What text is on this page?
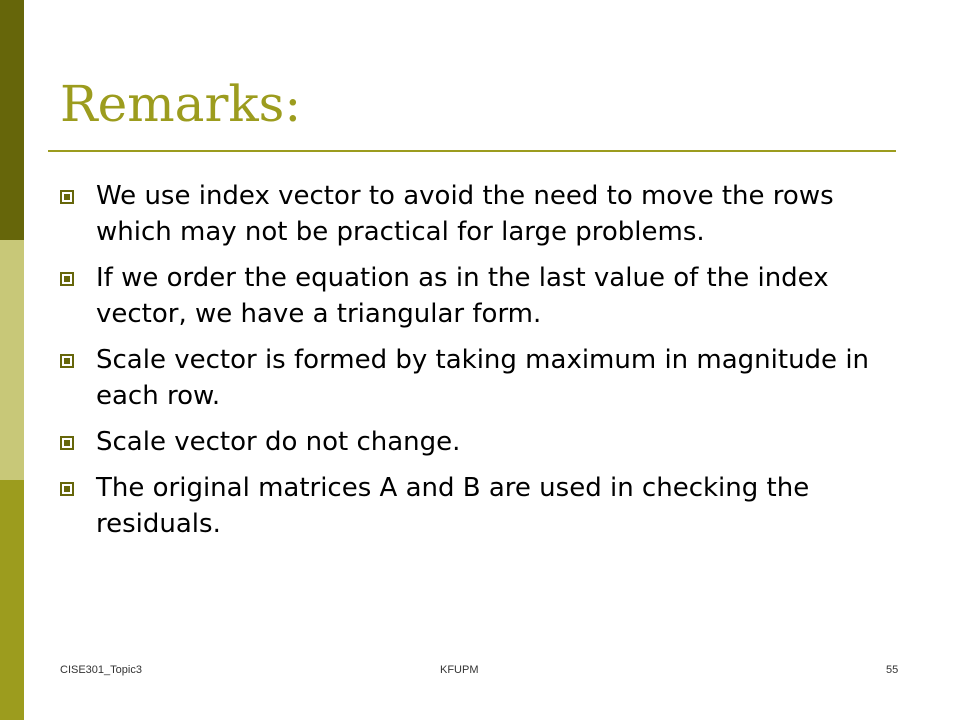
Remarks:
We use index vector to avoid the need to move the rows which may not be practical for large problems.
If we order the equation as in the last value of the index vector, we have a triangular form.
Scale vector is formed by taking maximum in magnitude in each row.
Scale vector do not change.
The original matrices A and B are used in checking the residuals.
CISE301_Topic3	KFUPM	55
